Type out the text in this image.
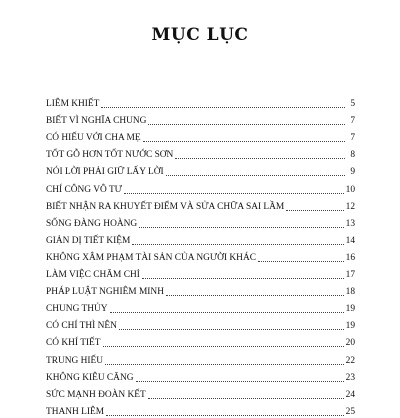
MỤC LỤC
LIÊM KHIẾT	5
BIẾT VÌ NGHĨA CHUNG	7
CÓ HIẾU VỚI CHA MẸ	7
TỐT GỖ HƠN TỐT NƯỚC SƠN	8
NÓI LỜI PHẢI GIỮ LẤY LỜI	9
CHÍ CÔNG VÔ TƯ	10
BIẾT NHẬN RA KHUYẾT ĐIỂM VÀ SỬA CHỮA SAI LẦM	12
SỐNG ĐÀNG HOÀNG	13
GIẢN DỊ TIẾT KIỆM	14
KHÔNG XÂM PHẠM TÀI SẢN CỦA NGƯỜI KHÁC	16
LÀM VIỆC CHĂM CHỈ	17
PHÁP LUẬT NGHIÊM MINH	18
CHUNG THỦY	19
CÓ CHÍ THÌ NÊN	19
CÓ KHÍ TIẾT	20
TRUNG HIẾU	22
KHÔNG KIÊU CĂNG	23
SỨC MẠNH ĐOÀN KẾT	24
THANH LIÊM	25
